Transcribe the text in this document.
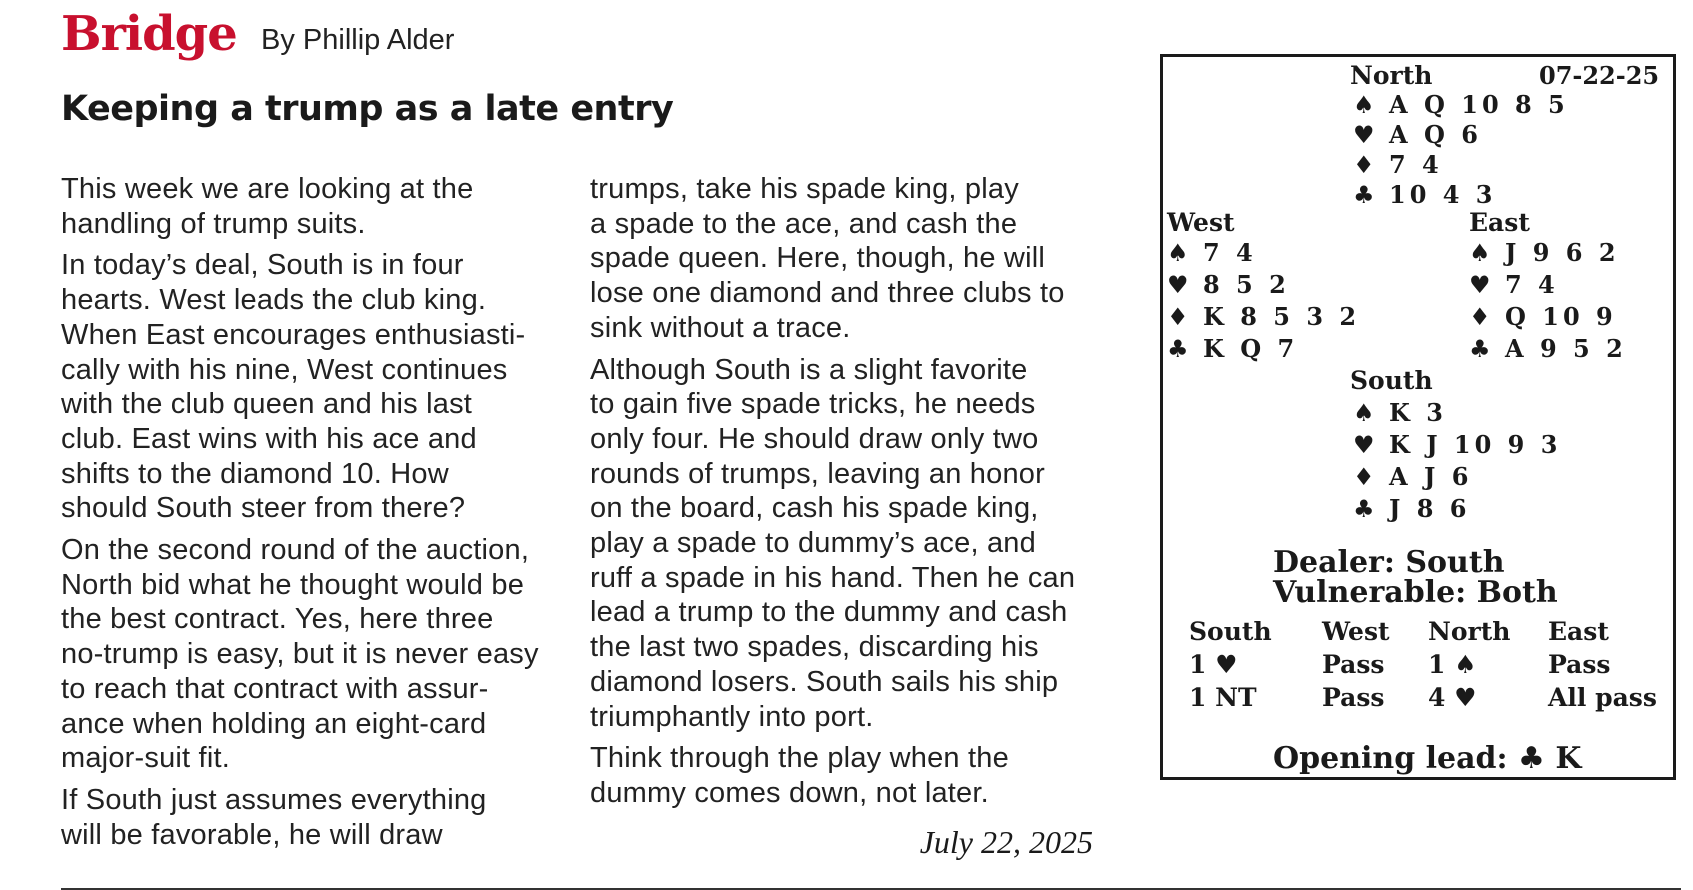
Bridge By Phillip Alder
Keeping a trump as a late entry

This week we are looking at the
handling of trump suits.

In today’s deal, South is in four
hearts. West leads the club king.
When East encourages enthusiasti-
cally with his nine, West continues
with the club queen and his last
club. East wins with his ace and
shifts to the diamond 10. How
should South steer from there?

On the second round of the auction,
North bid what he thought would be
the best contract. Yes, here three
no-trump is easy, but it is never easy
to reach that contract with assur-
ance when holding an eight-card
major-suit fit.

If South just assumes everything
will be favorable, he will draw

trumps, take his spade king, play
a spade to the ace, and cash the
spade queen. Here, though, he will
lose one diamond and three clubs to
sink without a trace.

Although South is a slight favorite
to gain five spade tricks, he needs
only four. He should draw only two
rounds of trumps, leaving an honor
on the board, cash his spade king,
play a spade to dummy’s ace, and
ruff a spade in his hand. Then he can
lead a trump to the dummy and cash
the last two spades, discarding his
diamond losers. South sails his ship
triumphantly into port.

Think through the play when the
dummy comes down, not later.

July 22, 2025
North	07-22-25
♠ A Q 10 8 5
♥ A Q 6
♦ 7 4
♣ 10 4 3
West
♠ 7 4
♥ 8 5 2
♦ K 8 5 3 2
♣ K Q 7
East
♠ J 9 6 2
♥ 7 4
♦ Q 10 9
♣ A 9 5 2
South
♠ K 3
♥ K J 10 9 3
♦ A J 6
♣ J 8 6
Dealer: South
Vulnerable: Both
South West North East
1 ♥	Pass 1 ♠	Pass
1 NT	Pass 4 ♥	All pass
Opening lead: ♣ K
